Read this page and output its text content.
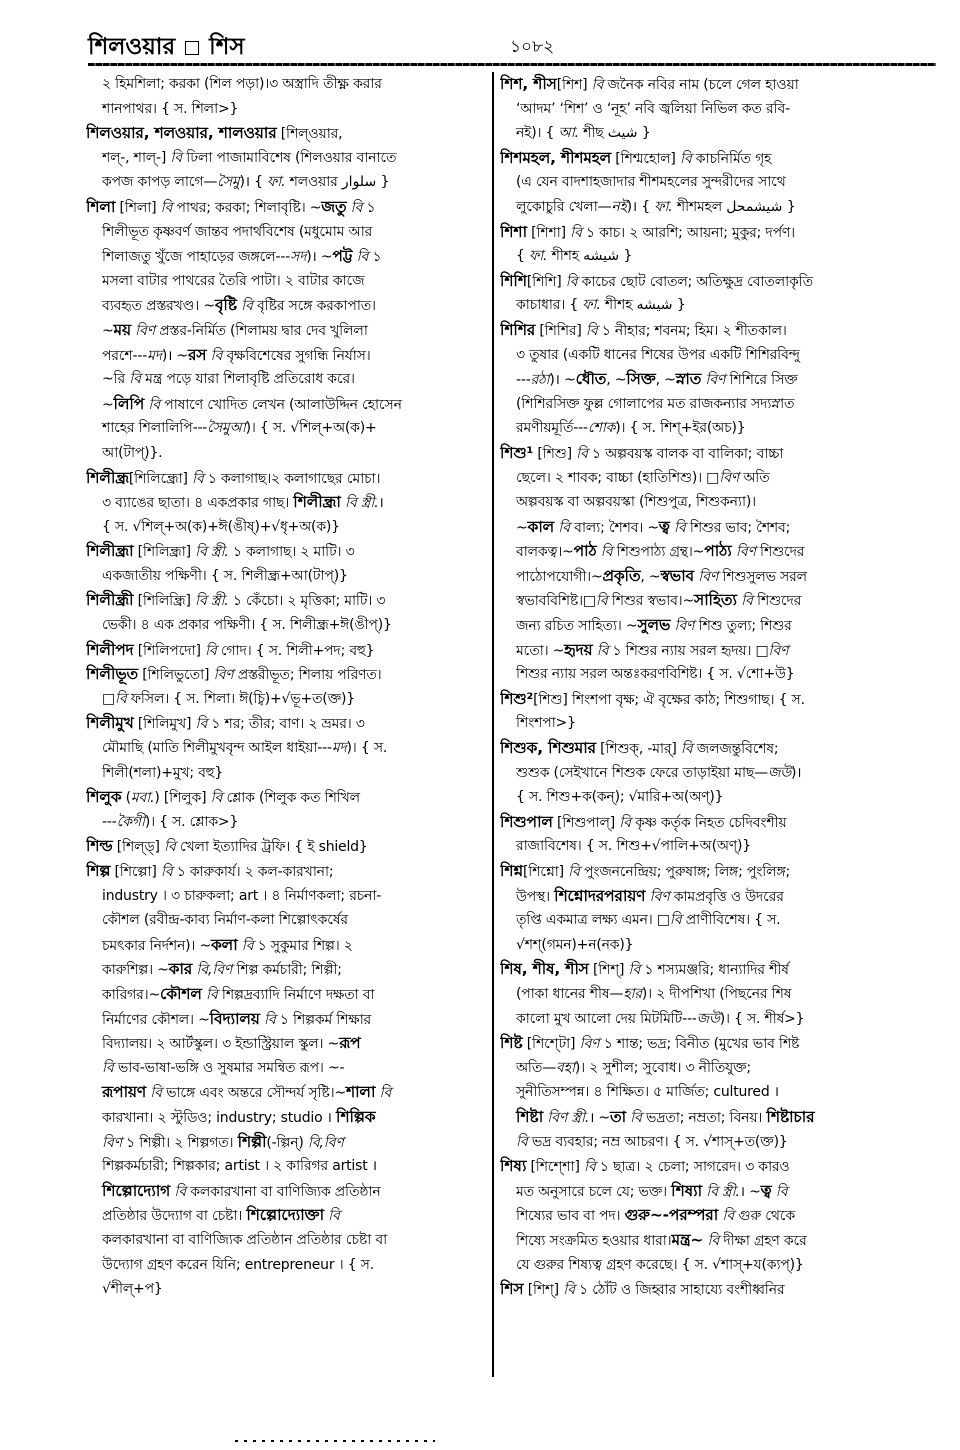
শিলওয়ার শিস	১০৮২
২ হিমশিলা; করকা (শিল পড়া)।৩ অস্ত্রাদি তীক্ষ্ণ করার
শানপাথর। { স. শিলা>}
শিলওয়ার, শলওয়ার, শালওয়ার [শিল্ওয়ার,
শল্-, শাল্-] বি ঢিলা পাজামাবিশেষ (শিলওয়ার বানাতে
কপজ কাপড় লাগে—সৈমু)। { ফা. শলওয়ার سلوار }
শিলা [শিলা] বি পাথর; করকা; শিলাবৃষ্টি। ~জতু বি ১
শিলীভূত কৃষ্ণবর্ণ জান্তব পদার্থবিশেষ (মধুমোম আর
শিলাজতু খুঁজে পাহাড়ের জঙ্গলে---সদ)। ~পট্ট বি ১
মসলা বাটার পাথরের তৈরি পাটা। ২ বাটার কাজে
ব্যবহৃত প্রস্তরখণ্ড। ~বৃষ্টি বি বৃষ্টির সঙ্গে করকাপাত।
~ময় বিণ প্রস্তর-নির্মিত (শিলাময় দ্বার দেব খুলিলা
পরশে---মদ)। ~রস বি বৃক্ষবিশেষের সুগন্ধি নির্যাস।
~রি বি মন্ত্র পড়ে যারা শিলাবৃষ্টি প্রতিরোধ করে।
~লিপি বি পাষাণে খোদিত লেখন (আলাউদ্দিন হোসেন
শাহের শিলালিপি---সৈমুআ)। { স. √শিল্+অ(ক)+
আ(টাপ্)}.
শিলীন্ধ্র[শিলিন্ধ্রো] বি ১ কলাগাছ।২ কলাগাছের মোচা।
৩ ব্যাঙের ছাতা। ৪ একপ্রকার গাছ। শিলীন্ধ্রা বি স্ত্রী.।
{ স. √শিল্+অ(ক)+ঈ(ঙীষ্)+√ধৃ+অ(ক)}
শিলীন্ধ্রা [শিলিন্ধ্রা] বি স্ত্রী. ১ কলাগাছ। ২ মাটি। ৩
একজাতীয় পক্ষিণী। { স. শিলীন্ধ্র+আ(টাপ্)}
শিলীন্ধ্রী [শিলিন্ধ্রি] বি স্ত্রী. ১ কেঁচো। ২ মৃত্তিকা; মাটি। ৩
ভেকী। ৪ এক প্রকার পক্ষিণী। { স. শিলীন্ধ্র+ঈ(ঙীপ্)}
শিলীপদ [শিলিপদো] বি গোদ। { স. শিলী+পদ; বহু}
শিলীভূত [শিলিভুতো] বিণ প্রস্তরীভূত; শিলায় পরিণত।
□বি ফসিল। { স. শিলা। ঈ(চ্বি)+√ভূ+ত(ক্ত)}
শিলীমুখ [শিলিমুখ] বি ১ শর; তীর; বাণ। ২ ভ্রমর। ৩
মৌমাছি (মাতি শিলীমুখবৃন্দ আইল ধাইয়া---মদ)। { স.
শিলী(শলা)+মুখ; বহু}
শিলুক (মবা.) [শিলুক] বি শ্লোক (শিলুক কত শিখিল
---কৈগী)। { স. শ্লোক>}
শিল্ড [শিল্ড্] বি খেলা ইত্যাদির ট্রফি। { ই shield}
শিল্প [শিল্পো] বি ১ কারুকার্য। ২ কল-কারখানা;
industry । ৩ চারুকলা; art । ৪ নির্মাণকলা; রচনা-
কৌশল (রবীন্দ্র-কাব্য নির্মাণ-কলা শিল্পোৎকর্ষের
চমৎকার নির্দশন)। ~কলা বি ১ সুকুমার শিল্প। ২
কারুশিল্প। ~কার বি,বিণ শিল্প কর্মচারী; শিল্পী;
কারিগর।~কৌশল বি শিল্পদ্রব্যাদি নির্মাণে দক্ষতা বা
নির্মাণের কৌশল। ~বিদ্যালয় বি ১ শিল্পকর্ম শিক্ষার
বিদ্যালয়। ২ আর্টস্কুল। ৩ ইন্ডাস্ট্রিয়াল স্কুল। ~রূপ
বি ভাব-ভাষা-ভঙ্গি ও সুষমার সমন্বিত রূপ। ~-
রূপায়ণ বি ভাঙ্গে এবং অন্তরে সৌন্দর্য সৃষ্টি।~শালা বি
কারখানা। ২ স্টুডিও; industry; studio । শিল্পিক
বিণ ১ শিল্পী। ২ শিল্পগত। শিল্পী(-ল্পিন্) বি,বিণ
শিল্পকর্মচারী; শিল্পকার; artist । ২ কারিগর artist ।
শিল্পোদ্যোগ বি কলকারখানা বা বাণিজ্যিক প্রতিষ্ঠান
প্রতিষ্ঠার উদ্যোগ বা চেষ্টা। শিল্পোদ্যোক্তা বি
কলকারখানা বা বাণিজ্যিক প্রতিষ্ঠান প্রতিষ্ঠার চেষ্টা বা
উদ্যোগ গ্রহণ করেন যিনি; entrepreneur । { স.
√শীল্+প}
শিশ, শীস[শিশ] বি জনৈক নবির নাম (চলে গেল হাওয়া
‘আদম’ ‘শিশ’ ও ‘নূহ’ নবি জ্বলিয়া নিভিল কত রবি-
নই)। { আ. শীছ شيث }
শিশমহল, শীশমহল [শিশ্মহোল] বি কাচনির্মিত গৃহ
(এ যেন বাদশাহজাদার শীশমহলের সুন্দরীদের সাথে
লুকোচুরি খেলা—নই)। { ফা. শীশমহল شيشمحل }
শিশা [শিশা] বি ১ কাচ। ২ আরশি; আয়না; মুকুর; দর্পণ।
{ ফা. শীশহ شيشه }
শিশি[শিশি] বি কাচের ছোট বোতল; অতিক্ষুদ্র বোতলাকৃতি
কাচাধার। { ফা. শীশহ شيشه }
শিশির [শিশির] বি ১ নীহার; শবনম; হিম। ২ শীতকাল।
৩ তুষার (একটি ধানের শিষের উপর একটি শিশিরবিন্দু
---রঠা)। ~ধৌত, ~সিক্ত, ~স্নাত বিণ শিশিরে সিক্ত
(শিশিরসিক্ত ফুল্ল গোলাপের মত রাজকন্যার সদ্যস্নাত
রমণীয়মূর্তি---শোক)। { স. শিশ্+ইর(অচ)}
শিশু¹ [শিশু] বি ১ অল্পবয়স্ক বালক বা বালিকা; বাচ্চা
ছেলে। ২ শাবক; বাচ্চা (হাতিশিশু)। □বিণ অতি
অল্পবয়স্ক বা অল্পবয়স্কা (শিশুপুত্র, শিশুকন্যা)।
~কাল বি বাল্য; শৈশব। ~ত্ব বি শিশুর ভাব; শৈশব;
বালকত্ব।~পাঠ বি শিশুপাঠ্য গ্রন্থ।~পাঠ্য বিণ শিশুদের
পাঠোপযোগী।~প্রকৃতি, ~স্বভাব বিণ শিশুসুলভ সরল
স্বভাববিশিষ্ট।□বি শিশুর স্বভাব।~সাহিত্য বি শিশুদের
জন্য রচিত সাহিত্য। ~সুলভ বিণ শিশু তুল্য; শিশুর
মতো। ~হৃদয় বি ১ শিশুর ন্যায় সরল হৃদয়। □বিণ
শিশুর ন্যায় সরল অন্তঃকরণবিশিষ্ট। { স. √শো+উ}
শিশু²[শিশু] শিংশপা বৃক্ষ; ঐ বৃক্ষের কাঠ; শিশুগাছ। { স.
শিংশপা>}
শিশুক, শিশুমার [শিশুক্, -মার্] বি জলজন্তুবিশেষ;
শুশুক (সেইখানে শিশুক ফেরে তাড়াইয়া মাছ—জউ)।
{ স. শিশু+ক(কন্); √মারি+অ(অণ্)}
শিশুপাল [শিশুপাল্] বি কৃষ্ণ কর্তৃক নিহত চেদিবংশীয়
রাজাবিশেষ। { স. শিশু+√পালি+অ(অণ্)}
শিশ্ন[শিশ্নো] বি পুংজননেন্দ্রিয়; পুরুষাঙ্গ; লিঙ্গ; পুংলিঙ্গ;
উপস্থ। শিশ্নোদরপরায়ণ বিণ কামপ্রবৃত্তি ও উদরের
তৃপ্তি একমাত্র লক্ষ্য এমন। □বি প্রাণীবিশেষ। { স.
√শশ্(গমন)+ন(নক)}
শিষ, শীষ, শীস [শিশ্] বি ১ শস্যমঞ্জরি; ধান্যাদির শীর্ষ
(পাকা ধানের শীষ—হার)। ২ দীপশিখা (পিছনের শিষ
কালো মুখ আলো দেয় মিটমিটি---জউ)। { স. শীর্ষ>}
শিষ্ট [শিশ্টো] বিণ ১ শান্ত; ভদ্র; বিনীত (মুখের ভাব শিষ্ট
অতি—বহা)। ২ সুশীল; সুবোধ। ৩ নীতিযুক্ত;
সুনীতিসম্পন্ন। ৪ শিক্ষিত। ৫ মার্জিত; cultured ।
শিষ্টা বিণ স্ত্রী.। ~তা বি ভদ্রতা; নম্রতা; বিনয়। শিষ্টাচার
বি ভদ্র ব্যবহার; নম্র আচরণ। { স. √শাস্+ত(ক্ত)}
শিষ্য [শিশ্শো] বি ১ ছাত্র। ২ চেলা; সাগরেদ। ৩ কারও
মত অনুসারে চলে যে; ভক্ত। শিষ্যা বি স্ত্রী.। ~ত্ব বি
শিষ্যের ভাব বা পদ। গুরু~-পরম্পরা বি গুরু থেকে
শিষ্যে সংক্রমিত হওয়ার ধারা।মন্ত্র~ বি দীক্ষা গ্রহণ করে
যে গুরুর শিষ্যত্ব গ্রহণ করেছে। { স. √শাস্+য(ক্যপ্)}
শিস [শিশ্] বি ১ ঠোঁট ও জিহ্বার সাহায্যে বংশীধ্বনির
